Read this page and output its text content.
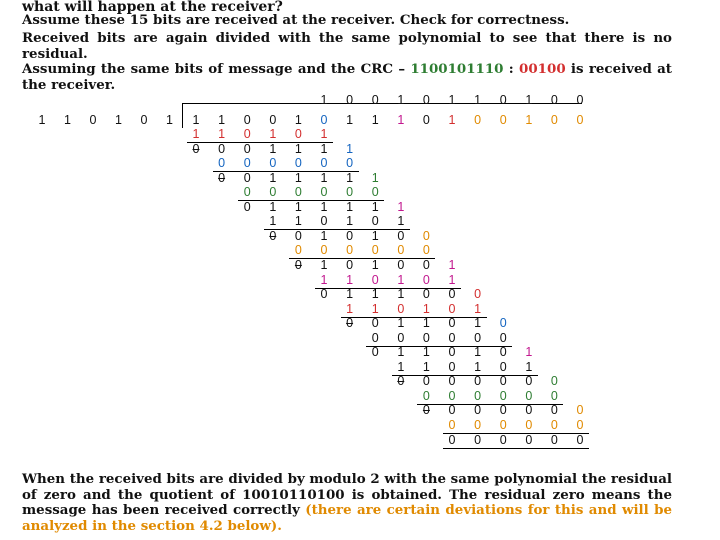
what will happen at the receiver?
Assume these 15 bits are received at the receiver. Check for correctness.
Received bits are again divided with the same polynomial to see that there is no residual.
Assuming the same bits of message and the CRC – 1100101110 : 00100 is received at the receiver.
1 0 0 1 0 1 1 0 1 0 0
1 1 0 1 0 1 1 1 0 0 1 0 1 1 1 0 1 0 0 1 0 0
1 1 0 1 0 1
0 0 0 1 1 1 1
0 0 0 0 0 0
0 0 1 1 1 1 1
0 0 0 0 0 0
0 1 1 1 1 1 1
1 1 0 1 0 1
0 0 1 0 1 0 0
0 0 0 0 0 0
0 1 0 1 0 0 1
1 1 0 1 0 1
0 1 1 1 0 0 0
1 1 0 1 0 1
0 0 1 1 0 1 0
0 0 0 0 0 0
0 1 1 0 1 0 1
1 1 0 1 0 1
0 0 0 0 0 0 0
0 0 0 0 0 0
0 0 0 0 0 0 0
0 0 0 0 0 0
0 0 0 0 0 0
When the received bits are divided by modulo 2 with the same polynomial the residual of zero and the quotient of 10010110100 is obtained. The residual zero means the message has been received correctly (there are certain deviations for this and will be analyzed in the section 4.2 below).
